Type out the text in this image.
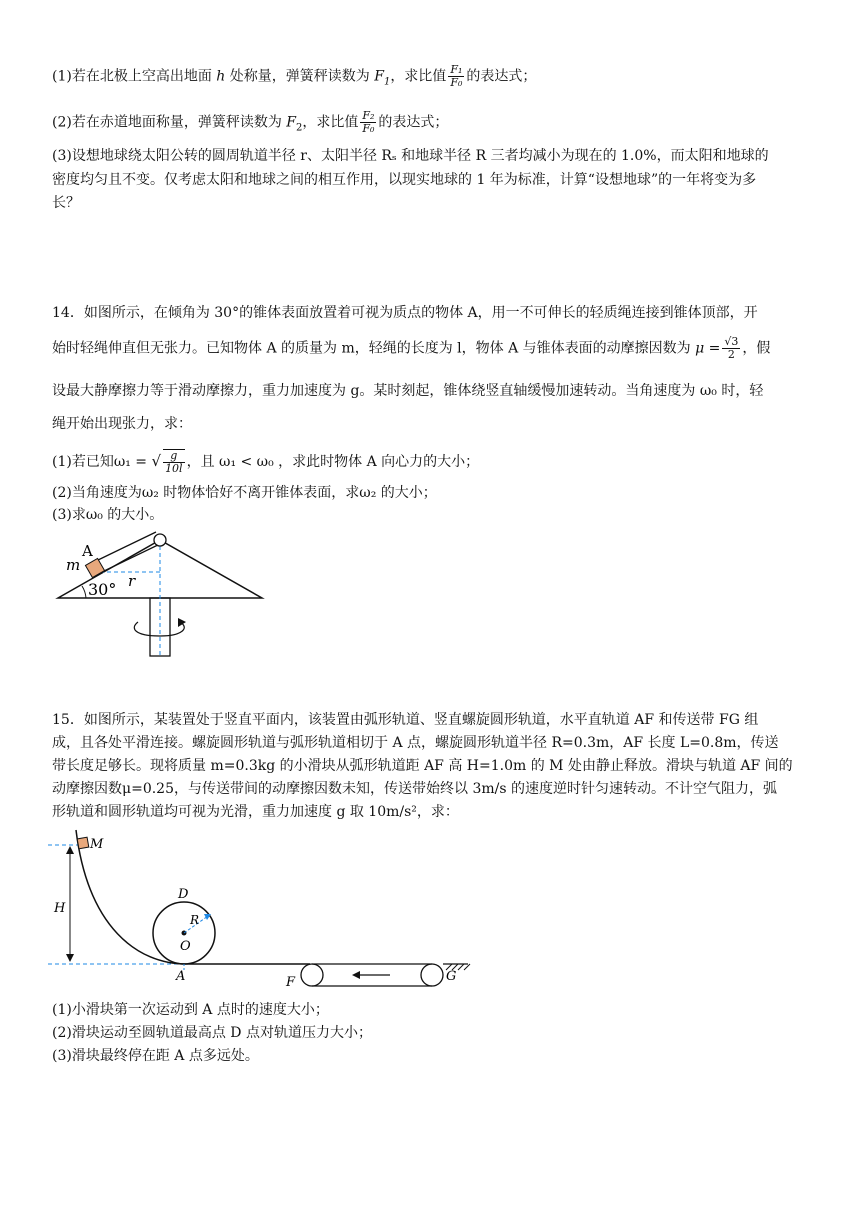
(1)若在北极上空高出地面 h 处称量，弹簧秤读数为 $F_1$，求比值 $\frac{\text{F₁}}{\text{F₀}}$ 的表达式；
(2)若在赤道地面称量，弹簧秤读数为 $F_2$，求比值 $\frac{\text{F₂}}{\text{F₀}}$ 的表达式；
(3)设想地球绕太阳公转的圆周轨道半径 r、太阳半径 Rₛ 和地球半径 R 三者均减小为现在的 1.0%，而太阳和地球的
密度均匀且不变。仅考虑太阳和地球之间的相互作用，以现实地球的 1 年为标准，计算“设想地球”的一年将变为多
长？
14．如图所示，在倾角为 30°的锥体表面放置着可视为质点的物体 A，用一不可伸长的轻质绳连接到锥体顶部，开
始时轻绳伸直但无张力。已知物体 A 的质量为 m，轻绳的长度为 l，物体 A 与锥体表面的动摩擦因数为 $\mu = \frac{√3}{2}$ ，假
设最大静摩擦力等于滑动摩擦力，重力加速度为 g。某时刻起，锥体绕竖直轴缓慢加速转动。当角速度为 ω₀ 时，轻
绳开始出现张力，求：
(1)若已知ω₁ = √ $\frac{g}{10l}$ ，且 ω₁ < ω₀ ，求此时物体 A 向心力的大小；
(2)当角速度为ω₂ 时物体恰好不离开锥体表面，求ω₂ 的大小；
(3)求ω₀ 的大小。
A
m
r
30°
15．如图所示，某装置处于竖直平面内，该装置由弧形轨道、竖直螺旋圆形轨道，水平直轨道 AF 和传送带 FG 组
成，且各处平滑连接。螺旋圆形轨道与弧形轨道相切于 A 点，螺旋圆形轨道半径 R=0.3m，AF 长度 L=0.8m，传送
带长度足够长。现将质量 m=0.3kg 的小滑块从弧形轨道距 AF 高 H=1.0m 的 M 处由静止释放。滑块与轨道 AF 间的
动摩擦因数μ=0.25，与传送带间的动摩擦因数未知，传送带始终以 3m/s 的速度逆时针匀速转动。不计空气阻力，弧
形轨道和圆形轨道均可视为光滑，重力加速度 g 取 10m/s²，求：
M
H
D
R
O
A	F	G
(1)小滑块第一次运动到 A 点时的速度大小；
(2)滑块运动至圆轨道最高点 D 点对轨道压力大小；
(3)滑块最终停在距 A 点多远处。
